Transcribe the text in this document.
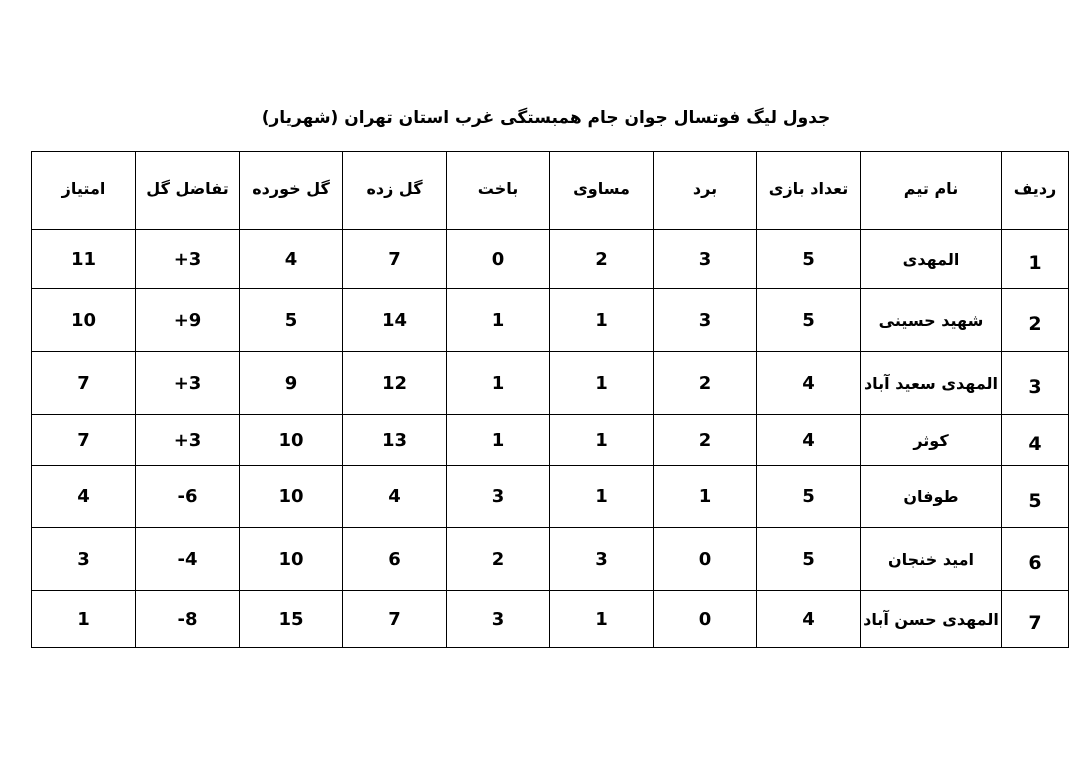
جدول لیگ فوتسال جوان جام همبستگی غرب استان تهران (شهریار)
ردیف	نام تیم	تعداد بازی	برد	مساوی	باخت	گل زده	گل خورده	تفاضل گل	امتیاز
1	المهدی	5	3	2	0	7	4	+3	11
2	شهید حسینی	5	3	1	1	14	5	+9	10
3	المهدی سعید آباد	4	2	1	1	12	9	+3	7
4	کوثر	4	2	1	1	13	10	+3	7
5	طوفان	5	1	1	3	4	10	-6	4
6	امید خنجان	5	0	3	2	6	10	-4	3
7	المهدی حسن آباد	4	0	1	3	7	15	-8	1
